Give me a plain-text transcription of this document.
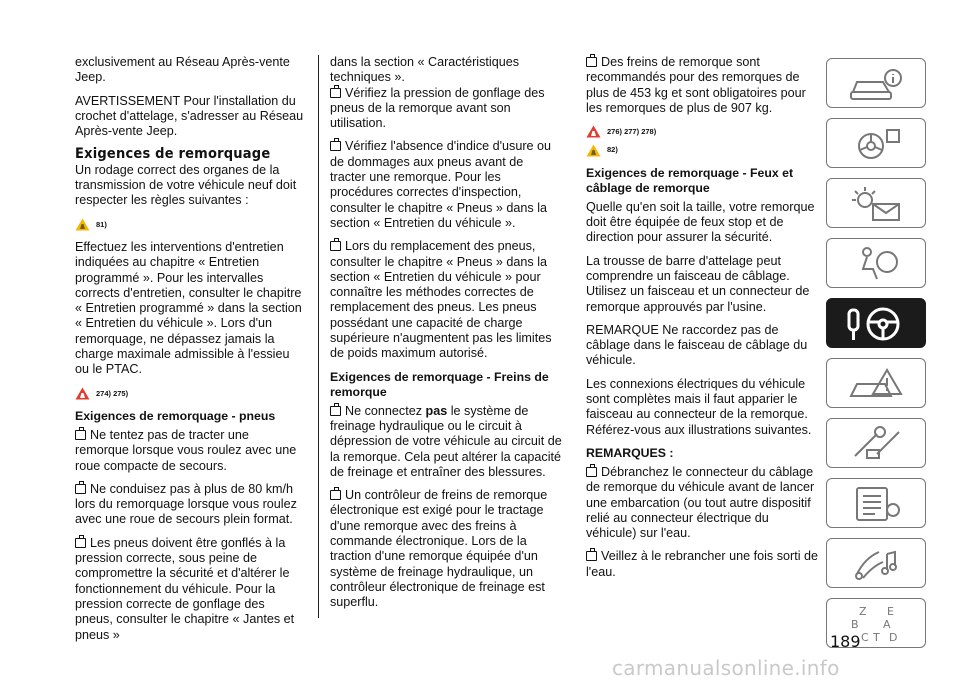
exclusivement au Réseau Après-vente Jeep.

AVERTISSEMENT Pour l'installation du crochet d'attelage, s'adresser au Réseau Après-vente Jeep.

Exigences de remorquage

Un rodage correct des organes de la transmission de votre véhicule neuf doit respecter les règles suivantes :

81)

Effectuez les interventions d'entretien indiquées au chapitre « Entretien programmé ». Pour les intervalles corrects d'entretien, consulter le chapitre « Entretien programmé » dans la section « Entretien du véhicule ». Lors d'un remorquage, ne dépassez jamais la charge maximale admissible à l'essieu ou le PTAC.

274) 275)
Exigences de remorquage - pneus

Ne tentez pas de tracter une remorque lorsque vous roulez avec une roue compacte de secours.

Ne conduisez pas à plus de 80 km/h lors du remorquage lorsque vous roulez avec une roue de secours plein format.

Les pneus doivent être gonflés à la pression correcte, sous peine de compromettre la sécurité et d'altérer le fonctionnement du véhicule. Pour la pression correcte de gonflage des pneus, consulter le chapitre « Jantes et pneus »

dans la section « Caractéristiques techniques ».

Vérifiez la pression de gonflage des pneus de la remorque avant son utilisation.

Vérifiez l'absence d'indice d'usure ou de dommages aux pneus avant de tracter une remorque. Pour les procédures correctes d'inspection, consulter le chapitre « Pneus » dans la section « Entretien du véhicule ».

Lors du remplacement des pneus, consulter le chapitre « Pneus » dans la section « Entretien du véhicule » pour connaître les méthodes correctes de remplacement des pneus. Les pneus possédant une capacité de charge supérieure n'augmentent pas les limites de poids maximum autorisé.

Exigences de remorquage - Freins de remorque

Ne connectez pas le système de freinage hydraulique ou le circuit à dépression de votre véhicule au circuit de la remorque. Cela peut altérer la capacité de freinage et entraîner des blessures.

Un contrôleur de freins de remorque électronique est exigé pour le tractage d'une remorque avec des freins à commande électronique. Lors de la traction d'une remorque équipée d'un système de freinage hydraulique, un contrôleur électronique de freinage est superflu.

Des freins de remorque sont recommandés pour des remorques de plus de 453 kg et sont obligatoires pour les remorques de plus de 907 kg.

276) 277) 278)
82)
Exigences de remorquage - Feux et câblage de remorque

Quelle qu'en soit la taille, votre remorque doit être équipée de feux stop et de direction pour assurer la sécurité.

La trousse de barre d'attelage peut comprendre un faisceau de câblage. Utilisez un faisceau et un connecteur de remorque approuvés par l'usine.

REMARQUE Ne raccordez pas de câblage dans le faisceau de câblage du véhicule.

Les connexions électriques du véhicule sont complètes mais il faut apparier le faisceau au connecteur de la remorque. Référez-vous aux illustrations suivantes.

REMARQUES :

Débranchez le connecteur du câblage de remorque du véhicule avant de lancer une embarcation (ou tout autre dispositif relié au connecteur électrique du véhicule) sur l'eau.

Veillez à le rebrancher une fois sorti de l'eau.

Z E
B A
C T D
189
carmanualsonline.info
